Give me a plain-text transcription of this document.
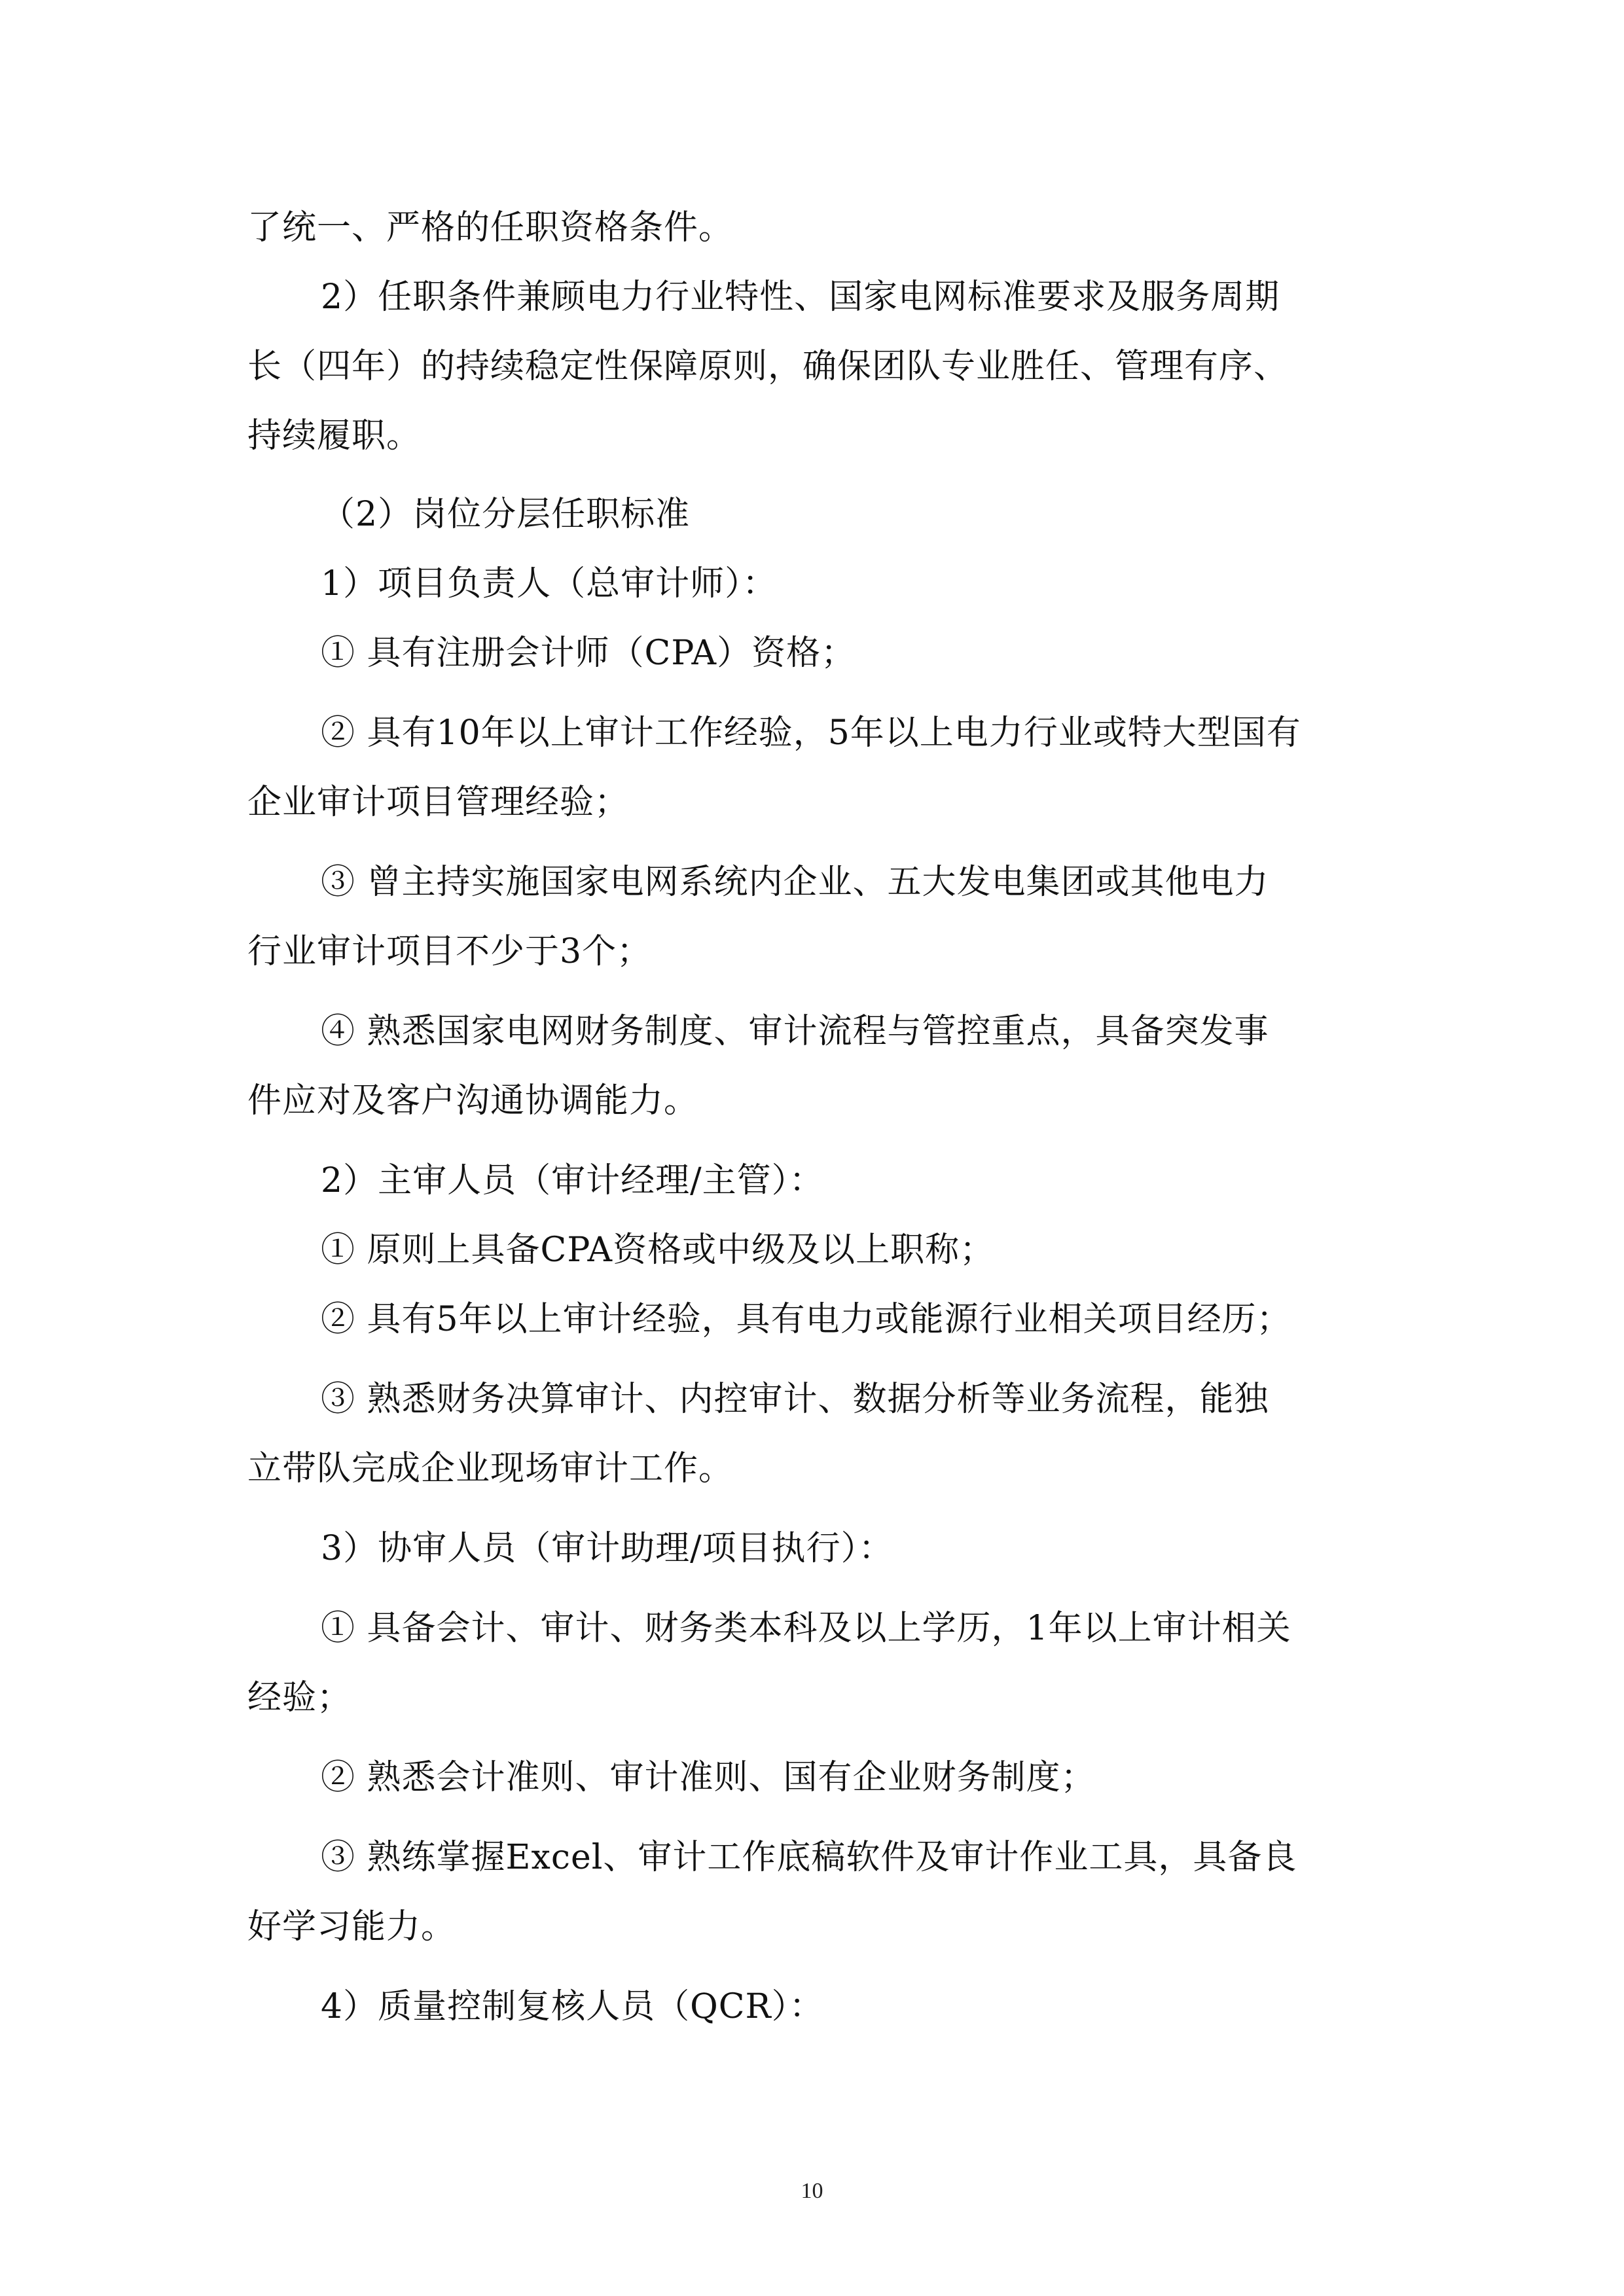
了统一、严格的任职资格条件。
2）任职条件兼顾电力行业特性、国家电网标准要求及服务周期
长（四年）的持续稳定性保障原则，确保团队专业胜任、管理有序、
持续履职。
（2）岗位分层任职标准
1）项目负责人（总审计师）：
① 具有注册会计师（CPA）资格；
② 具有10年以上审计工作经验，5年以上电力行业或特大型国有
企业审计项目管理经验；
③ 曾主持实施国家电网系统内企业、五大发电集团或其他电力
行业审计项目不少于3个；
④ 熟悉国家电网财务制度、审计流程与管控重点，具备突发事
件应对及客户沟通协调能力。
2）主审人员（审计经理/主管）：
① 原则上具备CPA资格或中级及以上职称；
② 具有5年以上审计经验，具有电力或能源行业相关项目经历；
③ 熟悉财务决算审计、内控审计、数据分析等业务流程，能独
立带队完成企业现场审计工作。
3）协审人员（审计助理/项目执行）：
① 具备会计、审计、财务类本科及以上学历，1年以上审计相关
经验；
② 熟悉会计准则、审计准则、国有企业财务制度；
③ 熟练掌握Excel、审计工作底稿软件及审计作业工具，具备良
好学习能力。
4）质量控制复核人员（QCR）：
10
